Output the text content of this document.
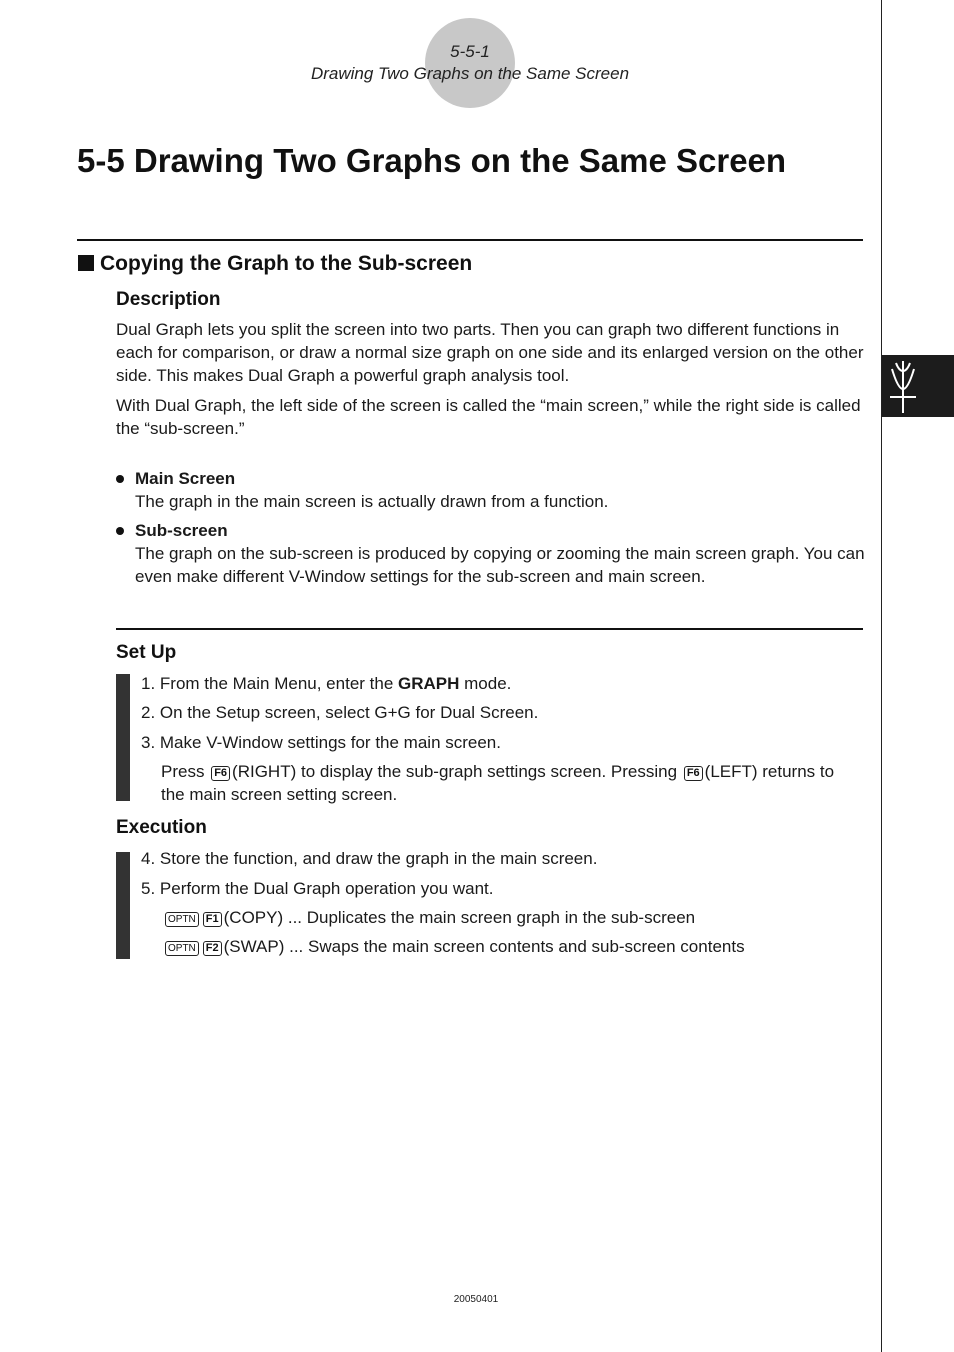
5-5-1
Drawing Two Graphs on the Same Screen
5-5 Drawing Two Graphs on the Same Screen
Copying the Graph to the Sub-screen
Description

Dual Graph lets you split the screen into two parts. Then you can graph two different functions in each for comparison, or draw a normal size graph on one side and its enlarged version on the other side. This makes Dual Graph a powerful graph analysis tool.

With Dual Graph, the left side of the screen is called the “main screen,” while the right side is called the “sub-screen.”

Main Screen
The graph in the main screen is actually drawn from a function.
Sub-screen
The graph on the sub-screen is produced by copying or zooming the main screen graph. You can even make different V-Window settings for the sub-screen and main screen.
Set Up
1. From the Main Menu, enter the GRAPH mode.
2. On the Setup screen, select G+G for Dual Screen.
3. Make V-Window settings for the main screen.
Press F6 (RIGHT) to display the sub-graph settings screen. Pressing F6 (LEFT) returns to the main screen setting screen.
Execution
4. Store the function, and draw the graph in the main screen.
5. Perform the Dual Graph operation you want.
OPTN F1 (COPY) ... Duplicates the main screen graph in the sub-screen
OPTN F2 (SWAP) ... Swaps the main screen contents and sub-screen contents
20050401
